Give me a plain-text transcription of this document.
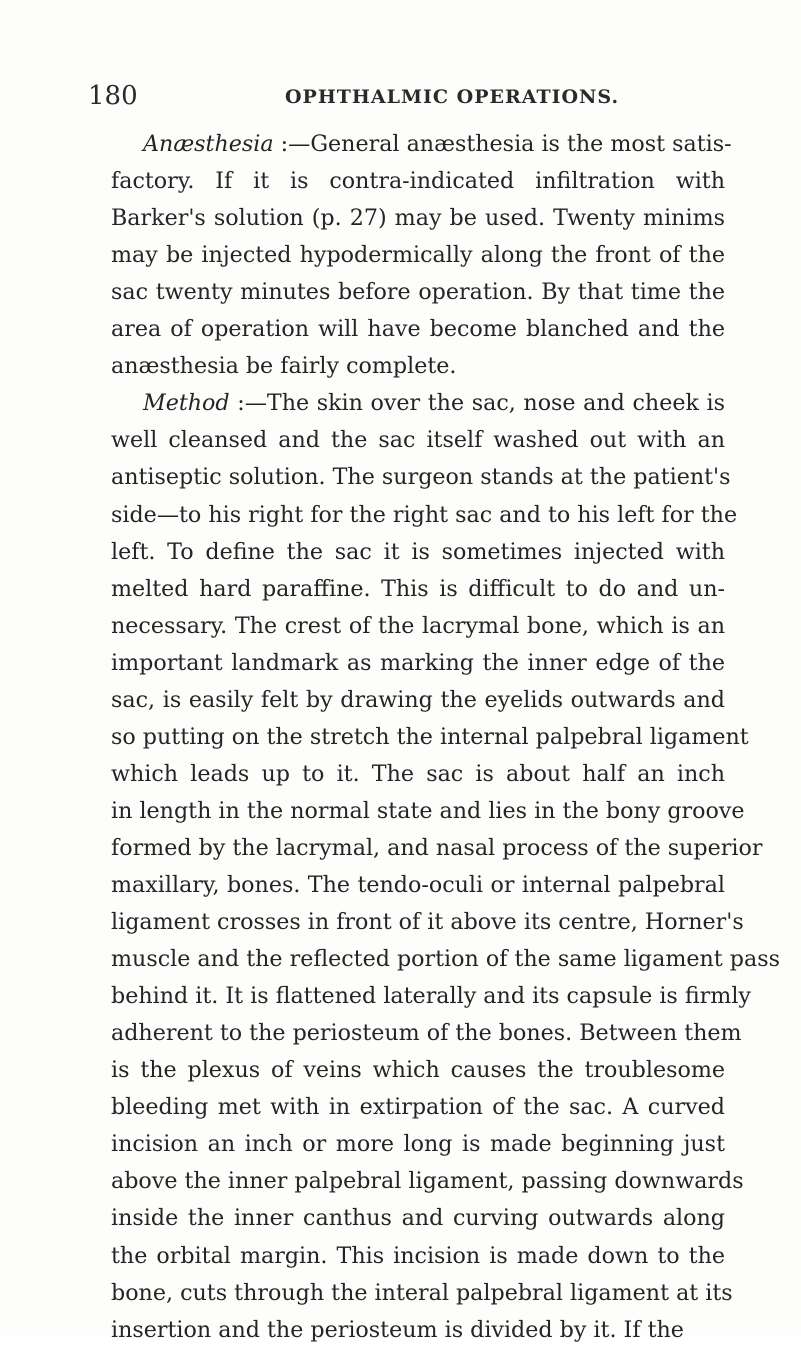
180	OPHTHALMIC OPERATIONS.
Anæsthesia :—General anæsthesia is the most satis-
factory. If it is contra-indicated infiltration with
Barker's solution (p. 27) may be used. Twenty minims
may be injected hypodermically along the front of the
sac twenty minutes before operation. By that time the
area of operation will have become blanched and the
anæsthesia be fairly complete.
Method :—The skin over the sac, nose and cheek is
well cleansed and the sac itself washed out with an
antiseptic solution. The surgeon stands at the patient's
side—to his right for the right sac and to his left for the
left. To define the sac it is sometimes injected with
melted hard paraffine. This is difficult to do and un-
necessary. The crest of the lacrymal bone, which is an
important landmark as marking the inner edge of the
sac, is easily felt by drawing the eyelids outwards and
so putting on the stretch the internal palpebral ligament
which leads up to it. The sac is about half an inch
in length in the normal state and lies in the bony groove
formed by the lacrymal, and nasal process of the superior
maxillary, bones. The tendo-oculi or internal palpebral
ligament crosses in front of it above its centre, Horner's
muscle and the reflected portion of the same ligament pass
behind it. It is flattened laterally and its capsule is firmly
adherent to the periosteum of the bones. Between them
is the plexus of veins which causes the troublesome
bleeding met with in extirpation of the sac. A curved
incision an inch or more long is made beginning just
above the inner palpebral ligament, passing downwards
inside the inner canthus and curving outwards along
the orbital margin. This incision is made down to the
bone, cuts through the interal palpebral ligament at its
insertion and the periosteum is divided by it. If the
